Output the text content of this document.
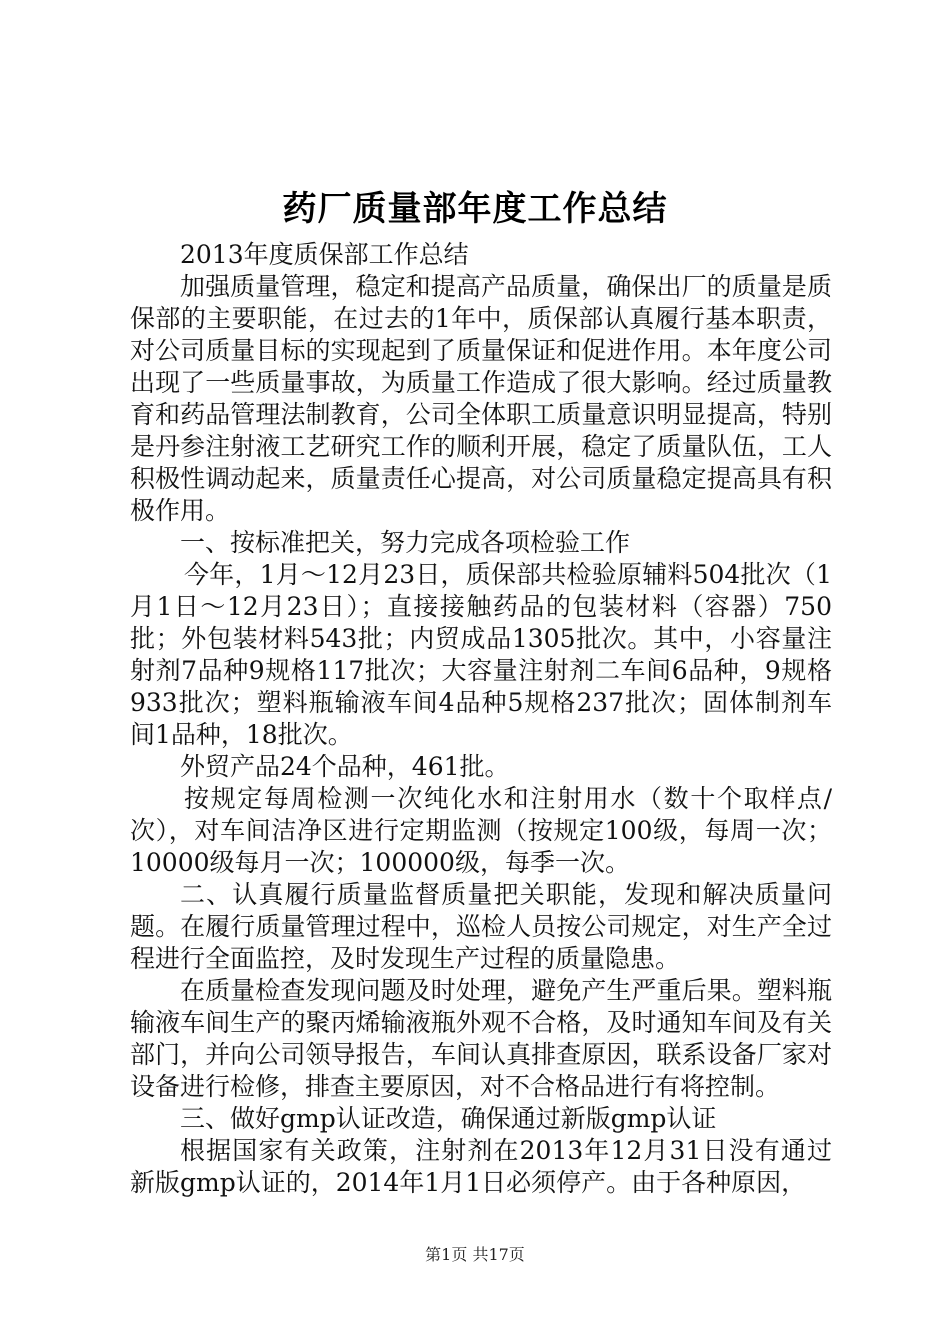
药厂质量部年度工作总结

2013年度质保部工作总结

加强质量管理，稳定和提高产品质量，确保出厂的质量是质保部的主要职能，在过去的1年中，质保部认真履行基本职责，对公司质量目标的实现起到了质量保证和促进作用。本年度公司出现了一些质量事故，为质量工作造成了很大影响。经过质量教育和药品管理法制教育，公司全体职工质量意识明显提高，特别是丹参注射液工艺研究工作的顺利开展，稳定了质量队伍，工人积极性调动起来，质量责任心提高，对公司质量稳定提高具有积极作用。

一、按标准把关，努力完成各项检验工作

今年，1月～12月23日，质保部共检验原辅料504批次（1月1日～12月23日）；直接接触药品的包装材料（容器）750批；外包装材料543批；内贸成品1305批次。其中，小容量注射剂7品种9规格117批次；大容量注射剂二车间6品种，9规格933批次；塑料瓶输液车间4品种5规格237批次；固体制剂车间1品种，18批次。

外贸产品24个品种，461批。

按规定每周检测一次纯化水和注射用水（数十个取样点/次），对车间洁净区进行定期监测（按规定100级，每周一次；10000级每月一次；100000级，每季一次。

二、认真履行质量监督质量把关职能，发现和解决质量问题。在履行质量管理过程中，巡检人员按公司规定，对生产全过程进行全面监控，及时发现生产过程的质量隐患。

在质量检查发现问题及时处理，避免产生严重后果。塑料瓶输液车间生产的聚丙烯输液瓶外观不合格，及时通知车间及有关部门，并向公司领导报告，车间认真排查原因，联系设备厂家对设备进行检修，排查主要原因，对不合格品进行有将控制。

三、做好gmp认证改造，确保通过新版gmp认证

根据国家有关政策，注射剂在2013年12月31日没有通过新版gmp认证的，2014年1月1日必须停产。由于各种原因，

第1页 共17页
